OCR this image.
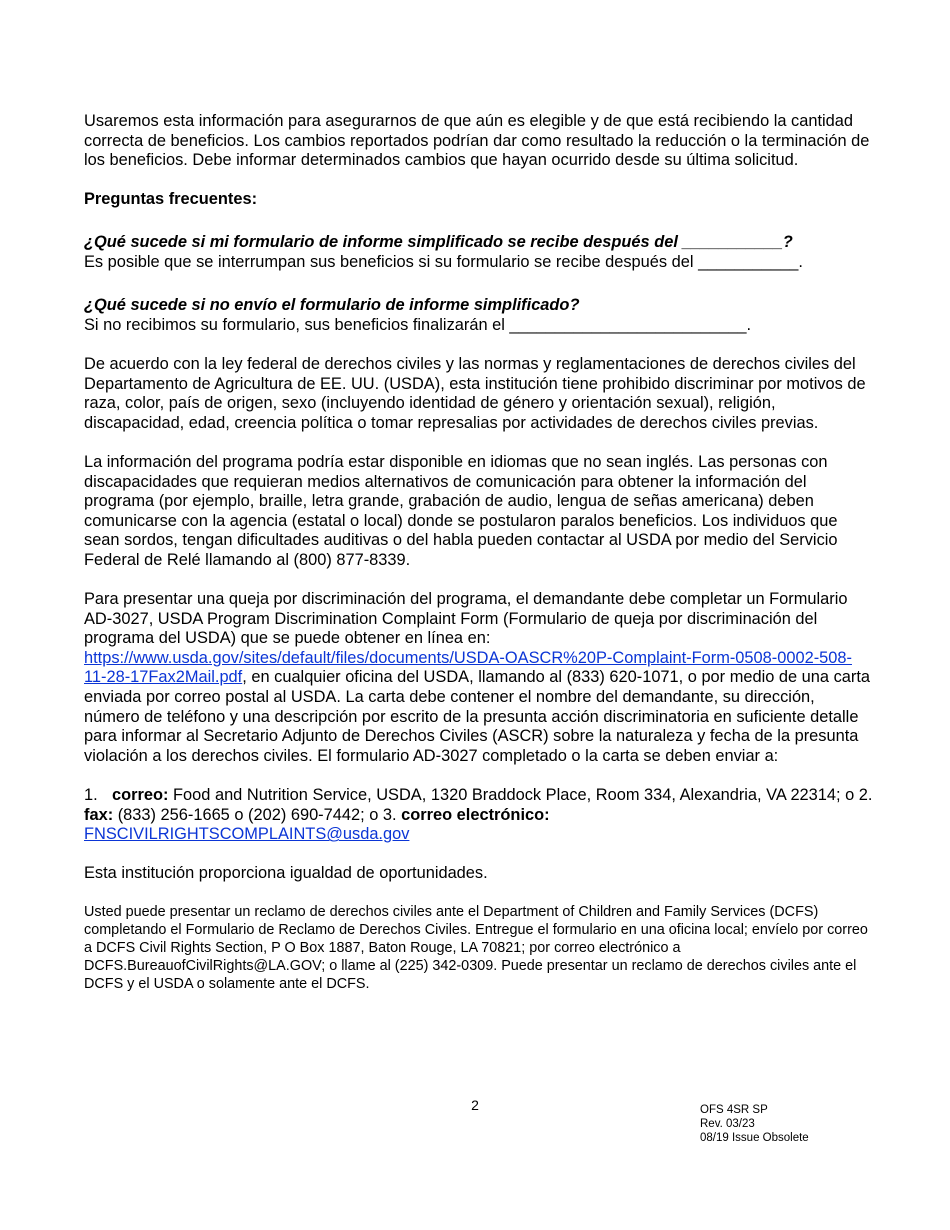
Usaremos esta información para asegurarnos de que aún es elegible y de que está recibiendo la cantidad correcta de beneficios. Los cambios reportados podrían dar como resultado la reducción o la terminación de los beneficios. Debe informar determinados cambios que hayan ocurrido desde su última solicitud.

Preguntas frecuentes:

¿Qué sucede si mi formulario de informe simplificado se recibe después del ___________?

Es posible que se interrumpan sus beneficios si su formulario se recibe después del ___________.

¿Qué sucede si no envío el formulario de informe simplificado?

Si no recibimos su formulario, sus beneficios finalizarán el __________________________.

De acuerdo con la ley federal de derechos civiles y las normas y reglamentaciones de derechos civiles del Departamento de Agricultura de EE. UU. (USDA), esta institución tiene prohibido discriminar por motivos de raza, color, país de origen, sexo (incluyendo identidad de género y orientación sexual), religión, discapacidad, edad, creencia política o tomar represalias por actividades de derechos civiles previas.

La información del programa podría estar disponible en idiomas que no sean inglés. Las personas con discapacidades que requieran medios alternativos de comunicación para obtener la información del programa (por ejemplo, braille, letra grande, grabación de audio, lengua de señas americana) deben comunicarse con la agencia (estatal o local) donde se postularon paralos beneficios. Los individuos que sean sordos, tengan dificultades auditivas o del habla pueden contactar al USDA por medio del Servicio Federal de Relé llamando al (800) 877-8339.

Para presentar una queja por discriminación del programa, el demandante debe completar un Formulario AD-3027, USDA Program Discrimination Complaint Form (Formulario de queja por discriminación del programa del USDA) que se puede obtener en línea en: https://www.usda.gov/sites/default/files/documents/USDA-OASCR%20P-Complaint-Form-0508-0002-508-11-28-17Fax2Mail.pdf, en cualquier oficina del USDA, llamando al (833) 620-1071, o por medio de una carta enviada por correo postal al USDA. La carta debe contener el nombre del demandante, su dirección, número de teléfono y una descripción por escrito de la presunta acción discriminatoria en suficiente detalle para informar al Secretario Adjunto de Derechos Civiles (ASCR) sobre la naturaleza y fecha de la presunta violación a los derechos civiles. El formulario AD-3027 completado o la carta se deben enviar a:

1. correo: Food and Nutrition Service, USDA, 1320 Braddock Place, Room 334, Alexandria, VA 22314; o 2. fax: (833) 256-1665 o (202) 690-7442; o 3. correo electrónico:
FNSCIVILRIGHTSCOMPLAINTS@usda.gov

Esta institución proporciona igualdad de oportunidades.

Usted puede presentar un reclamo de derechos civiles ante el Department of Children and Family Services (DCFS) completando el Formulario de Reclamo de Derechos Civiles. Entregue el formulario en una oficina local; envíelo por correo a DCFS Civil Rights Section, P O Box 1887, Baton Rouge, LA 70821; por correo electrónico a DCFS.BureauofCivilRights@LA.GOV; o llame al (225) 342-0309. Puede presentar un reclamo de derechos civiles ante el DCFS y el USDA o solamente ante el DCFS.

2	OFS 4SR SP
Rev. 03/23
08/19 Issue Obsolete
